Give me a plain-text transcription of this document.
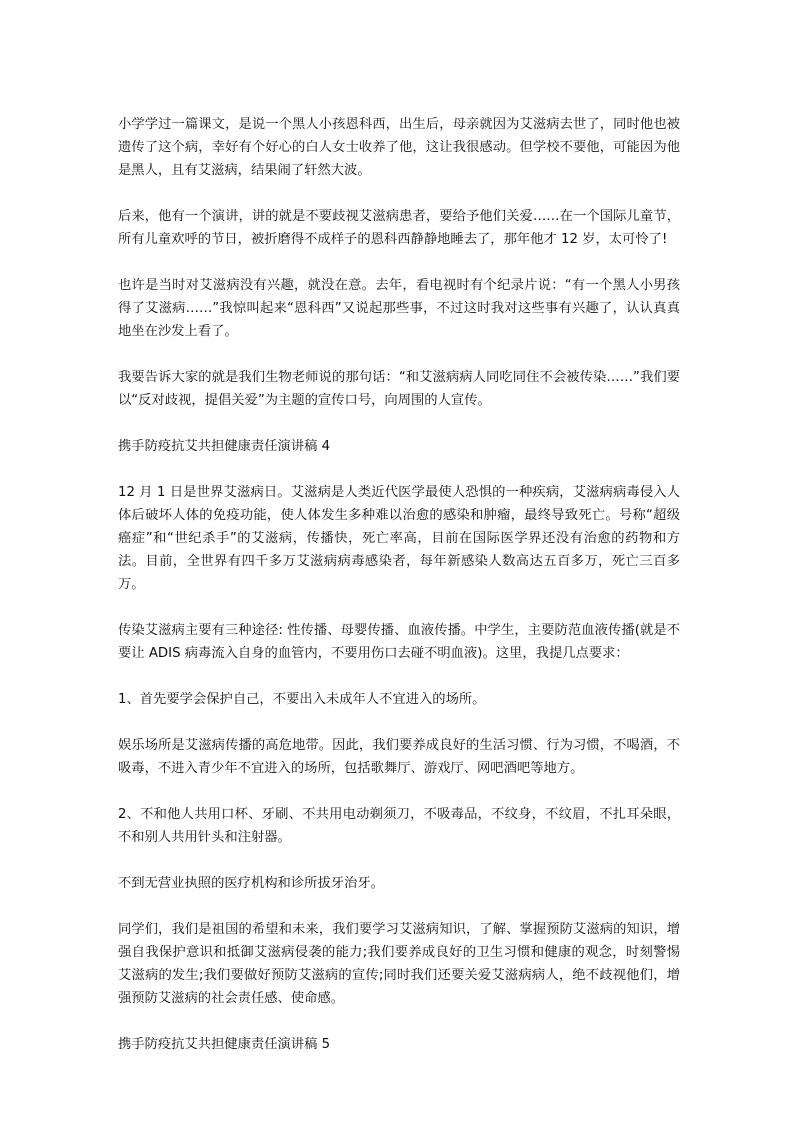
小学学过一篇课文，是说一个黑人小孩恩科西，出生后，母亲就因为艾滋病去世了，同时他也被遗传了这个病，幸好有个好心的白人女士收养了他，这让我很感动。但学校不要他，可能因为他是黑人，且有艾滋病，结果闹了轩然大波。

后来，他有一个演讲，讲的就是不要歧视艾滋病患者，要给予他们关爱……在一个国际儿童节，所有儿童欢呼的节日，被折磨得不成样子的恩科西静静地睡去了，那年他才 12 岁，太可怜了!

也许是当时对艾滋病没有兴趣，就没在意。去年，看电视时有个纪录片说：“有一个黑人小男孩得了艾滋病……”我惊叫起来“恩科西”又说起那些事，不过这时我对这些事有兴趣了，认认真真地坐在沙发上看了。

我要告诉大家的就是我们生物老师说的那句话：“和艾滋病病人同吃同住不会被传染……”我们要以“反对歧视，提倡关爱”为主题的宣传口号，向周围的人宣传。

携手防疫抗艾共担健康责任演讲稿 4

12 月 1 日是世界艾滋病日。艾滋病是人类近代医学最使人恐惧的一种疾病，艾滋病病毒侵入人体后破坏人体的免疫功能，使人体发生多种难以治愈的感染和肿瘤，最终导致死亡。号称“超级癌症”和“世纪杀手”的艾滋病，传播快，死亡率高，目前在国际医学界还没有治愈的药物和方法。目前，全世界有四千多万艾滋病病毒感染者，每年新感染人数高达五百多万，死亡三百多万。

传染艾滋病主要有三种途径: 性传播、母婴传播、血液传播。中学生，主要防范血液传播(就是不要让 ADIS 病毒流入自身的血管内，不要用伤口去碰不明血液)。这里，我提几点要求：

1、首先要学会保护自己，不要出入未成年人不宜进入的场所。

娱乐场所是艾滋病传播的高危地带。因此，我们要养成良好的生活习惯、行为习惯，不喝酒，不吸毒，不进入青少年不宜进入的场所，包括歌舞厅、游戏厅、网吧酒吧等地方。

2、不和他人共用口杯、牙刷、不共用电动剃须刀，不吸毒品，不纹身，不纹眉，不扎耳朵眼，不和别人共用针头和注射器。

不到无营业执照的医疗机构和诊所拔牙治牙。

同学们，我们是祖国的希望和未来，我们要学习艾滋病知识，了解、掌握预防艾滋病的知识，增强自我保护意识和抵御艾滋病侵袭的能力;我们要养成良好的卫生习惯和健康的观念，时刻警惕艾滋病的发生;我们要做好预防艾滋病的宣传;同时我们还要关爱艾滋病病人，绝不歧视他们，增强预防艾滋病的社会责任感、使命感。

携手防疫抗艾共担健康责任演讲稿 5
